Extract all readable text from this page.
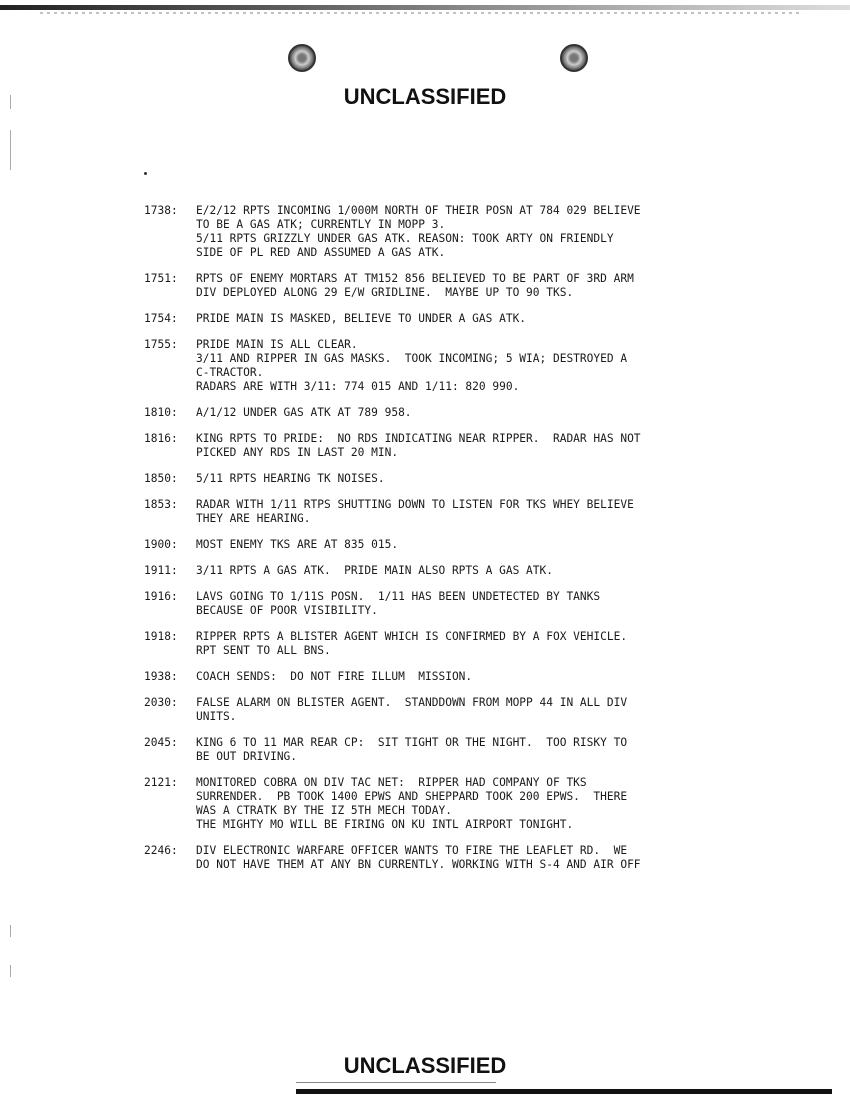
UNCLASSIFIED
1738:	E/2/12 RPTS INCOMING 1/000M NORTH OF THEIR POSN AT 784 029 BELIEVE
TO BE A GAS ATK; CURRENTLY IN MOPP 3.
5/11 RPTS GRIZZLY UNDER GAS ATK. REASON: TOOK ARTY ON FRIENDLY
SIDE OF PL RED AND ASSUMED A GAS ATK.
1751:	RPTS OF ENEMY MORTARS AT TM152 856 BELIEVED TO BE PART OF 3RD ARM
DIV DEPLOYED ALONG 29 E/W GRIDLINE.  MAYBE UP TO 90 TKS.
1754:	PRIDE MAIN IS MASKED, BELIEVE TO UNDER A GAS ATK.
1755:	PRIDE MAIN IS ALL CLEAR.
3/11 AND RIPPER IN GAS MASKS.  TOOK INCOMING; 5 WIA; DESTROYED A
C-TRACTOR.
RADARS ARE WITH 3/11: 774 015 AND 1/11: 820 990.
1810:	A/1/12 UNDER GAS ATK AT 789 958.
1816:	KING RPTS TO PRIDE:  NO RDS INDICATING NEAR RIPPER.  RADAR HAS NOT
PICKED ANY RDS IN LAST 20 MIN.
1850:	5/11 RPTS HEARING TK NOISES.
1853:	RADAR WITH 1/11 RTPS SHUTTING DOWN TO LISTEN FOR TKS WHEY BELIEVE
THEY ARE HEARING.
1900:	MOST ENEMY TKS ARE AT 835 015.
1911:	3/11 RPTS A GAS ATK.  PRIDE MAIN ALSO RPTS A GAS ATK.
1916:	LAVS GOING TO 1/11S POSN.  1/11 HAS BEEN UNDETECTED BY TANKS
BECAUSE OF POOR VISIBILITY.
1918:	RIPPER RPTS A BLISTER AGENT WHICH IS CONFIRMED BY A FOX VEHICLE.
RPT SENT TO ALL BNS.
1938:	COACH SENDS:  DO NOT FIRE ILLUM  MISSION.
2030:	FALSE ALARM ON BLISTER AGENT.  STANDDOWN FROM MOPP 44 IN ALL DIV
UNITS.
2045:	KING 6 TO 11 MAR REAR CP:  SIT TIGHT OR THE NIGHT.  TOO RISKY TO
BE OUT DRIVING.
2121:	MONITORED COBRA ON DIV TAC NET:  RIPPER HAD COMPANY OF TKS
SURRENDER.  PB TOOK 1400 EPWS AND SHEPPARD TOOK 200 EPWS.  THERE
WAS A CTRATK BY THE IZ 5TH MECH TODAY.
THE MIGHTY MO WILL BE FIRING ON KU INTL AIRPORT TONIGHT.
2246:	DIV ELECTRONIC WARFARE OFFICER WANTS TO FIRE THE LEAFLET RD.  WE
DO NOT HAVE THEM AT ANY BN CURRENTLY. WORKING WITH S-4 AND AIR OFF
UNCLASSIFIED
